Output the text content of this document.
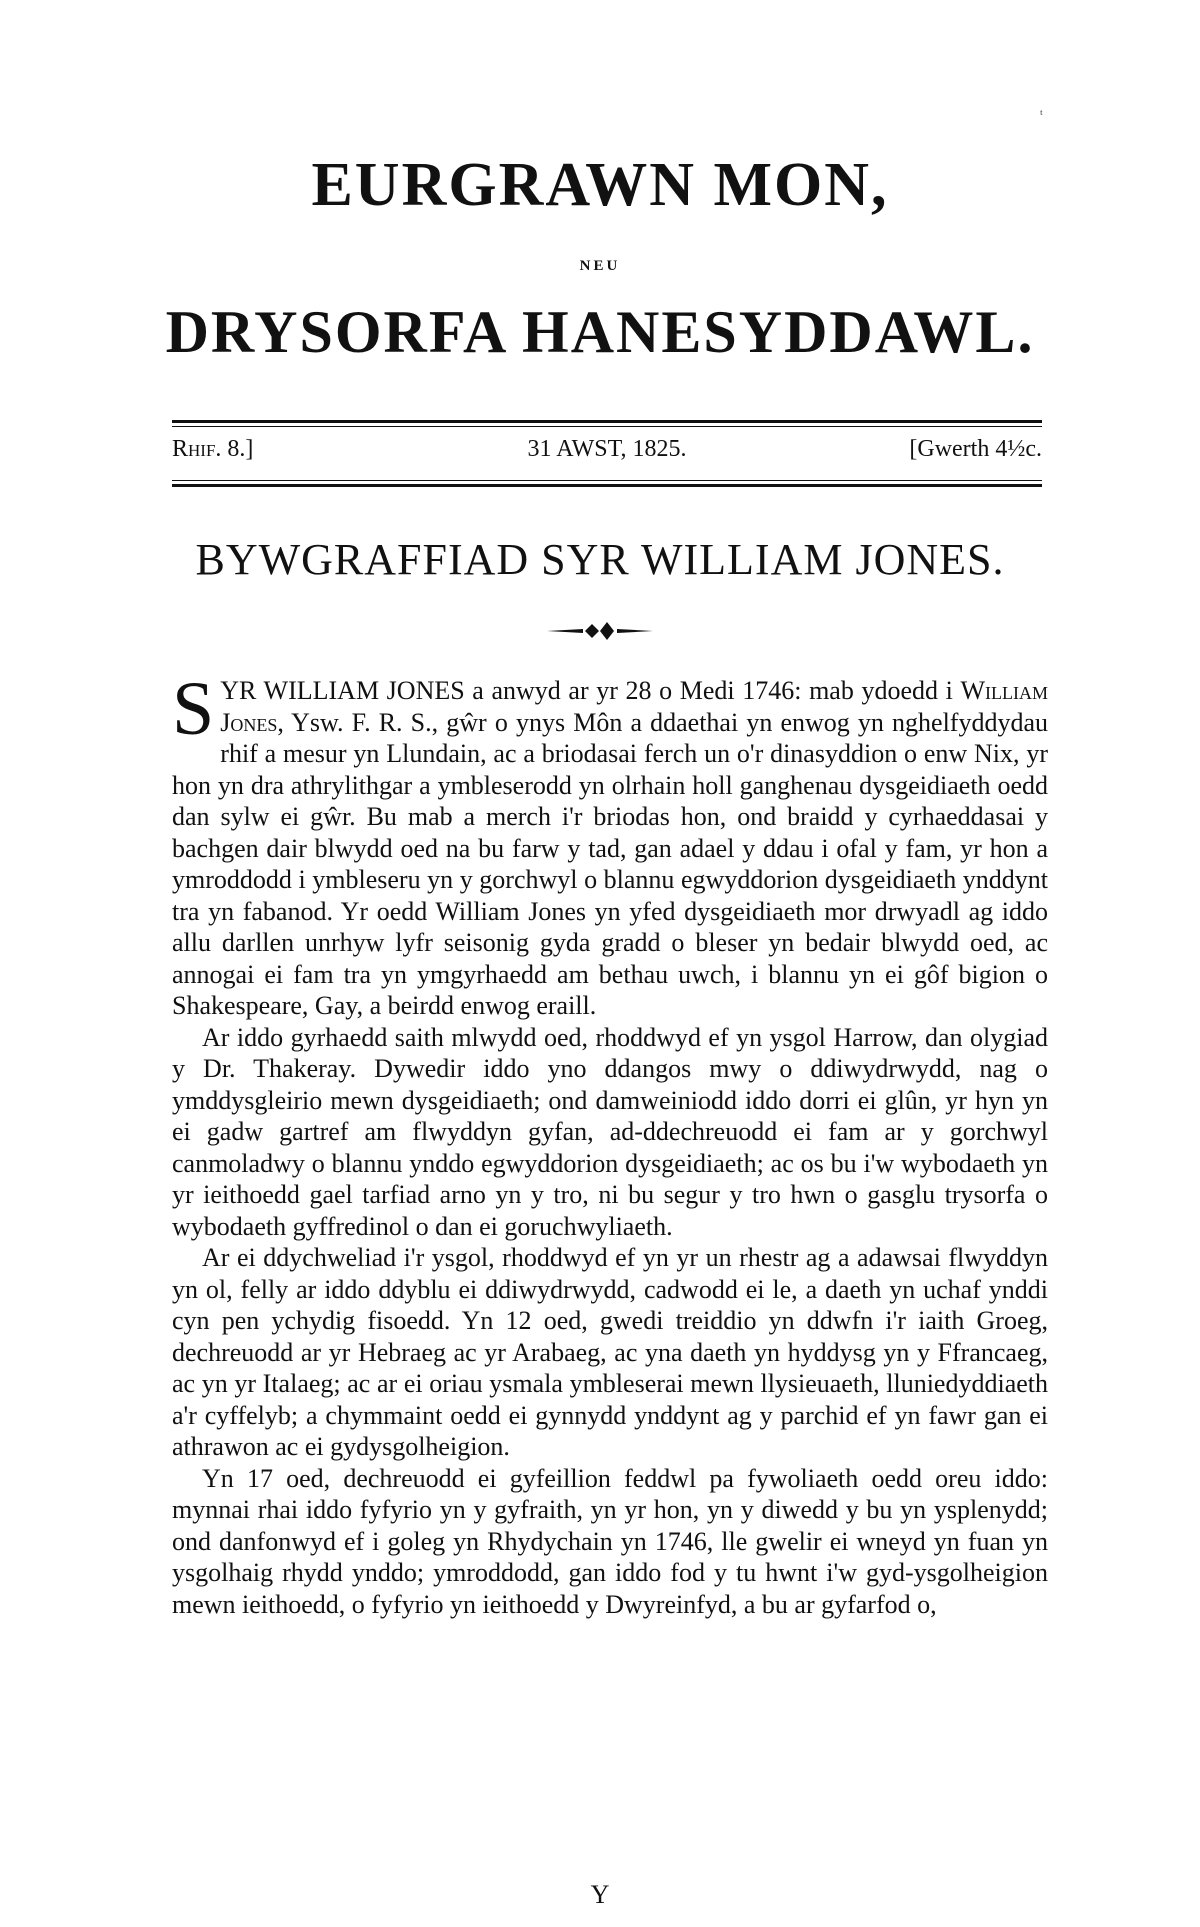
ᵗ
EURGRAWN MON,
NEU
DRYSORFA HANESYDDAWL.
Rhif. 8.]	31 AWST, 1825.	[Gwerth 4½c.
BYWGRAFFIAD SYR WILLIAM JONES.

SYR WILLIAM JONES a anwyd ar yr 28 o Medi 1746: mab ydoedd i William Jones, Ysw. F. R. S., gŵr o ynys Môn a ddaethai yn enwog yn nghelfyddydau rhif a mesur yn Llundain, ac a briodasai ferch un o'r dinasyddion o enw Nix, yr hon yn dra athrylithgar a ymbleserodd yn olrhain holl ganghenau dysgeidiaeth oedd dan sylw ei gŵr. Bu mab a merch i'r briodas hon, ond braidd y cyrhaeddasai y bachgen dair blwydd oed na bu farw y tad, gan adael y ddau i ofal y fam, yr hon a ymroddodd i ymbleseru yn y gorchwyl o blannu egwyddorion dysgeidiaeth ynddynt tra yn fabanod. Yr oedd William Jones yn yfed dysgeidiaeth mor drwyadl ag iddo allu darllen unrhyw lyfr seisonig gyda gradd o bleser yn bedair blwydd oed, ac annogai ei fam tra yn ymgyrhaedd am bethau uwch, i blannu yn ei gôf bigion o Shakespeare, Gay, a beirdd enwog eraill.

Ar iddo gyrhaedd saith mlwydd oed, rhoddwyd ef yn ysgol Harrow, dan olygiad y Dr. Thakeray. Dywedir iddo yno ddangos mwy o ddiwydrwydd, nag o ymddysgleirio mewn dysgeidiaeth; ond damweiniodd iddo dorri ei glûn, yr hyn yn ei gadw gartref am flwyddyn gyfan, ad-ddechreuodd ei fam ar y gorchwyl canmoladwy o blannu ynddo egwyddorion dysgeidiaeth; ac os bu i'w wybodaeth yn yr ieithoedd gael tarfiad arno yn y tro, ni bu segur y tro hwn o gasglu trysorfa o wybodaeth gyffredinol o dan ei goruchwyliaeth.

Ar ei ddychweliad i'r ysgol, rhoddwyd ef yn yr un rhestr ag a adawsai flwyddyn yn ol, felly ar iddo ddyblu ei ddiwydrwydd, cadwodd ei le, a daeth yn uchaf ynddi cyn pen ychydig fisoedd. Yn 12 oed, gwedi treiddio yn ddwfn i'r iaith Groeg, dechreuodd ar yr Hebraeg ac yr Arabaeg, ac yna daeth yn hyddysg yn y Ffrancaeg, ac yn yr Italaeg; ac ar ei oriau ysmala ymbleserai mewn llysieuaeth, lluniedyddiaeth a'r cyffelyb; a chymmaint oedd ei gynnydd ynddynt ag y parchid ef yn fawr gan ei athrawon ac ei gydysgolheigion.

Yn 17 oed, dechreuodd ei gyfeillion feddwl pa fywoliaeth oedd oreu iddo: mynnai rhai iddo fyfyrio yn y gyfraith, yn yr hon, yn y diwedd y bu yn ysplenydd; ond danfonwyd ef i goleg yn Rhydychain yn 1746, lle gwelir ei wneyd yn fuan yn ysgolhaig rhydd ynddo; ymroddodd, gan iddo fod y tu hwnt i'w gyd-ysgolheigion mewn ieithoedd, o fyfyrio yn ieithoedd y Dwyreinfyd, a bu ar gyfarfod o,

Y
